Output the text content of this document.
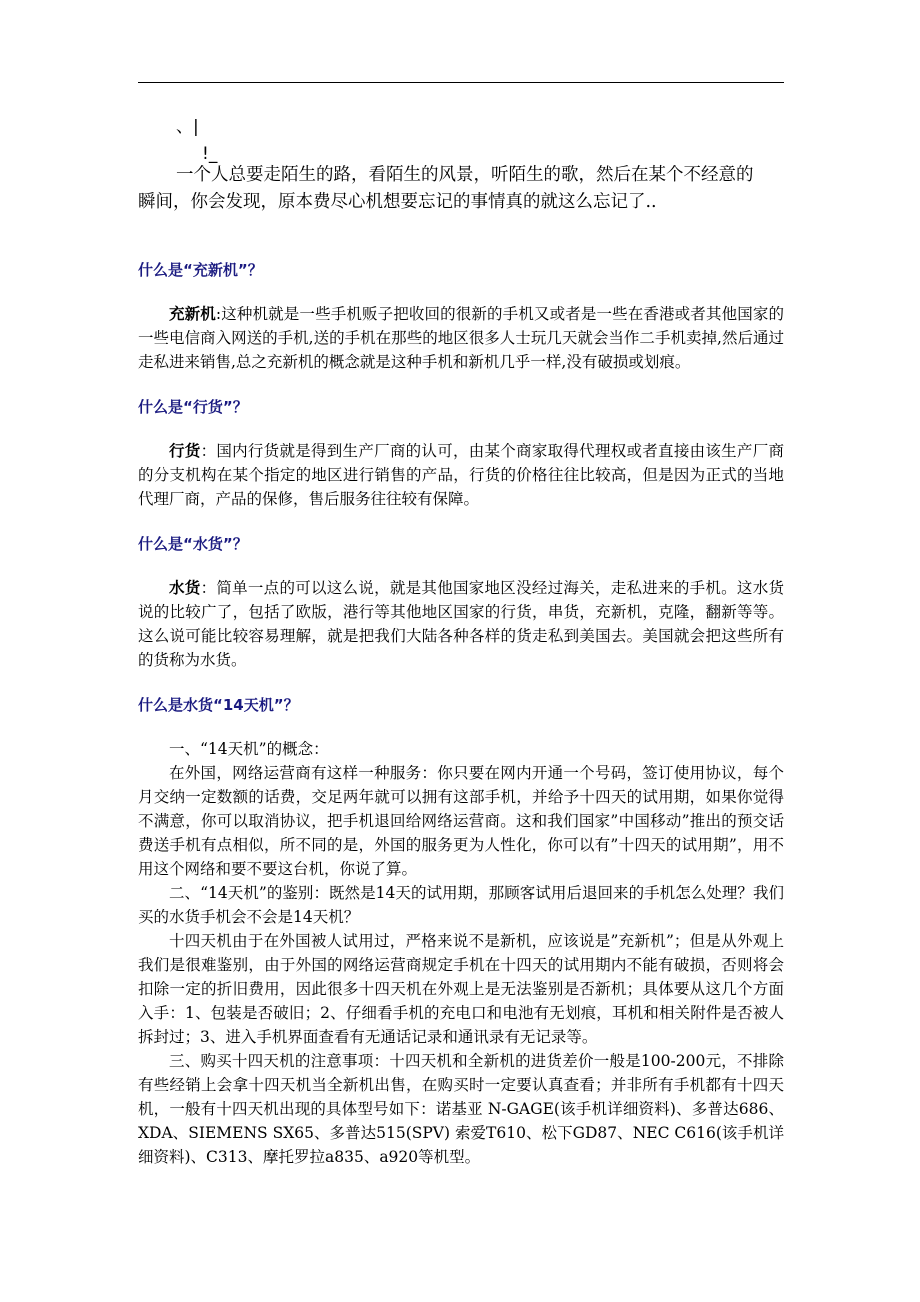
、|
!_

一个人总要走陌生的路，看陌生的风景，听陌生的歌，然后在某个不经意的
瞬间，你会发现，原本费尽心机想要忘记的事情真的就这么忘记了..

什么是“充新机”？

充新机:这种机就是一些手机贩子把收回的很新的手机又或者是一些在香港或者其他国家的一些电信商入网送的手机,送的手机在那些的地区很多人士玩几天就会当作二手机卖掉,然后通过走私进来销售,总之充新机的概念就是这种手机和新机几乎一样,没有破损或划痕。

什么是“行货”？

行货：国内行货就是得到生产厂商的认可，由某个商家取得代理权或者直接由该生产厂商的分支机构在某个指定的地区进行销售的产品，行货的价格往往比较高，但是因为正式的当地代理厂商，产品的保修，售后服务往往较有保障。

什么是“水货”？

水货：简单一点的可以这么说，就是其他国家地区没经过海关，走私进来的手机。这水货说的比较广了，包括了欧版，港行等其他地区国家的行货，串货，充新机，克隆，翻新等等。这么说可能比较容易理解，就是把我们大陆各种各样的货走私到美国去。美国就会把这些所有的货称为水货。

什么是水货“14天机”？

一、“14天机”的概念：

在外国，网络运营商有这样一种服务：你只要在网内开通一个号码，签订使用协议，每个月交纳一定数额的话费，交足两年就可以拥有这部手机，并给予十四天的试用期，如果你觉得不满意，你可以取消协议，把手机退回给网络运营商。这和我们国家”中国移动”推出的预交话费送手机有点相似，所不同的是，外国的服务更为人性化，你可以有”十四天的试用期”，用不用这个网络和要不要这台机，你说了算。

二、“14天机”的鉴别：既然是14天的试用期，那顾客试用后退回来的手机怎么处理？我们买的水货手机会不会是14天机？

十四天机由于在外国被人试用过，严格来说不是新机，应该说是”充新机”；但是从外观上我们是很难鉴别，由于外国的网络运营商规定手机在十四天的试用期内不能有破损，否则将会扣除一定的折旧费用，因此很多十四天机在外观上是无法鉴别是否新机；具体要从这几个方面入手：1、包装是否破旧；2、仔细看手机的充电口和电池有无划痕，耳机和相关附件是否被人拆封过；3、进入手机界面查看有无通话记录和通讯录有无记录等。

三、购买十四天机的注意事项：十四天机和全新机的进货差价一般是100-200元，不排除有些经销上会拿十四天机当全新机出售，在购买时一定要认真查看；并非所有手机都有十四天机，一般有十四天机出现的具体型号如下：诺基亚 N-GAGE(该手机详细资料)、多普达686、XDA、SIEMENS SX65、多普达515(SPV) 索爱T610、松下GD87、NEC C616(该手机详细资料)、C313、摩托罗拉a835、a920等机型。
